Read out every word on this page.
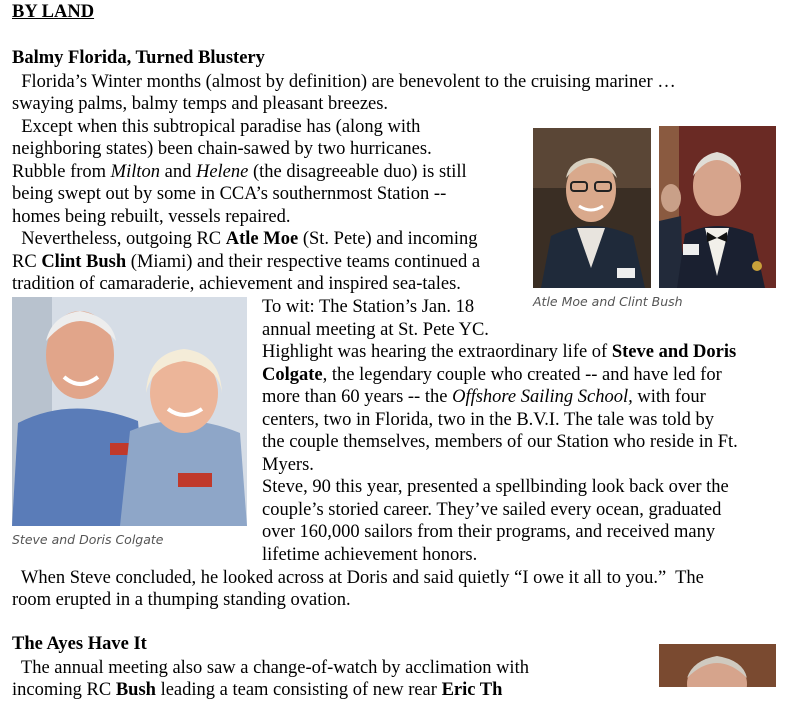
BY LAND
Balmy Florida, Turned Blustery
Florida’s Winter months (almost by definition) are benevolent to the cruising mariner …
swaying palms, balmy temps and pleasant breezes.
Except when this subtropical paradise has (along with
neighboring states) been chain-sawed by two hurricanes.
Rubble from Milton and Helene (the disagreeable duo) is still
being swept out by some in CCA’s southernmost Station --
homes being rebuilt, vessels repaired.
Nevertheless, outgoing RC Atle Moe (St. Pete) and incoming
RC Clint Bush (Miami) and their respective teams continued a
tradition of camaraderie, achievement and inspired sea-tales.
Atle Moe and Clint Bush
Steve and Doris Colgate
To wit: The Station’s Jan. 18
annual meeting at St. Pete YC.
Highlight was hearing the extraordinary life of Steve and Doris
Colgate, the legendary couple who created -- and have led for
more than 60 years -- the Offshore Sailing School, with four
centers, two in Florida, two in the B.V.I. The tale was told by
the couple themselves, members of our Station who reside in Ft.
Myers.
Steve, 90 this year, presented a spellbinding look back over the
couple’s storied career. They’ve sailed every ocean, graduated
over 160,000 sailors from their programs, and received many
lifetime achievement honors.
When Steve concluded, he looked across at Doris and said quietly “I owe it all to you.”  The
room erupted in a thumping standing ovation.
The Ayes Have It
The annual meeting also saw a change-of-watch by acclimation with
incoming RC Bush leading a team consisting of new rear Eric Th
